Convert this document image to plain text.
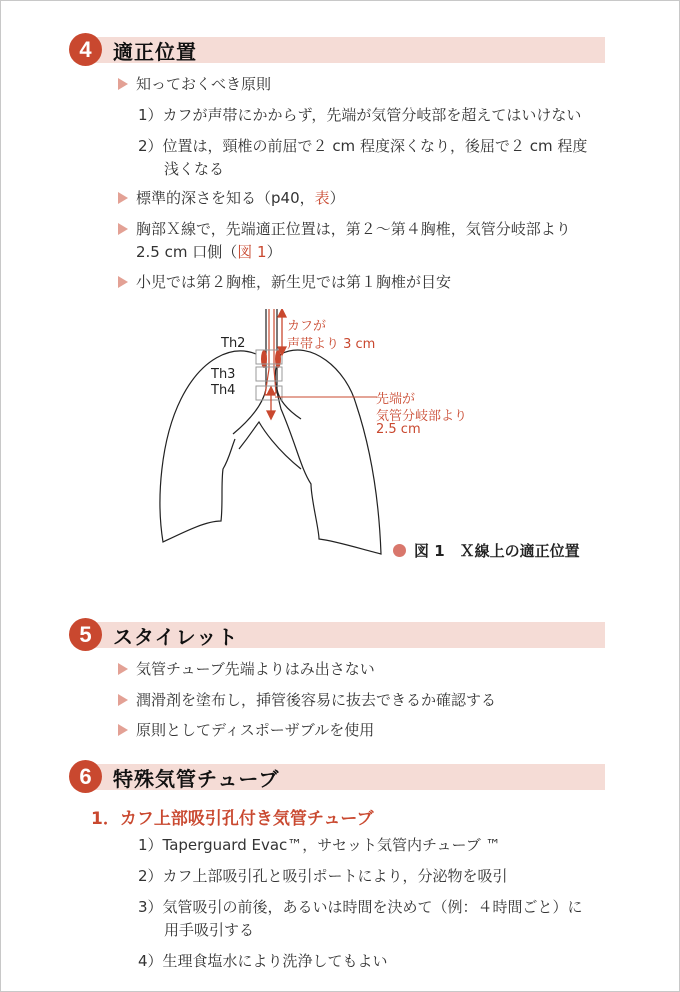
4	適正位置
知っておくべき原則
1）カフが声帯にかからず，先端が気管分岐部を超えてはいけない
2）位置は，頸椎の前屈で２ cm 程度深くなり，後屈で２ cm 程度
浅くなる
標準的深さを知る（p40，表）
胸部Ｘ線で，先端適正位置は，第２～第４胸椎，気管分岐部より
2.5 cm 口側（図 1）
小児では第２胸椎，新生児では第１胸椎が目安
Th2
Th3
Th4
カフが
声帯より 3 cm
先端が
気管分岐部より
2.5 cm
図 1　Ｘ線上の適正位置
5	スタイレット
気管チューブ先端よりはみ出さない
潤滑剤を塗布し，挿管後容易に抜去できるか確認する
原則としてディスポーザブルを使用
6	特殊気管チューブ
1．カフ上部吸引孔付き気管チューブ
1）Taperguard Evac™，サセット気管内チューブ ™
2）カフ上部吸引孔と吸引ポートにより，分泌物を吸引
3）気管吸引の前後，あるいは時間を決めて（例：４時間ごと）に
用手吸引する
4）生理食塩水により洗浄してもよい
